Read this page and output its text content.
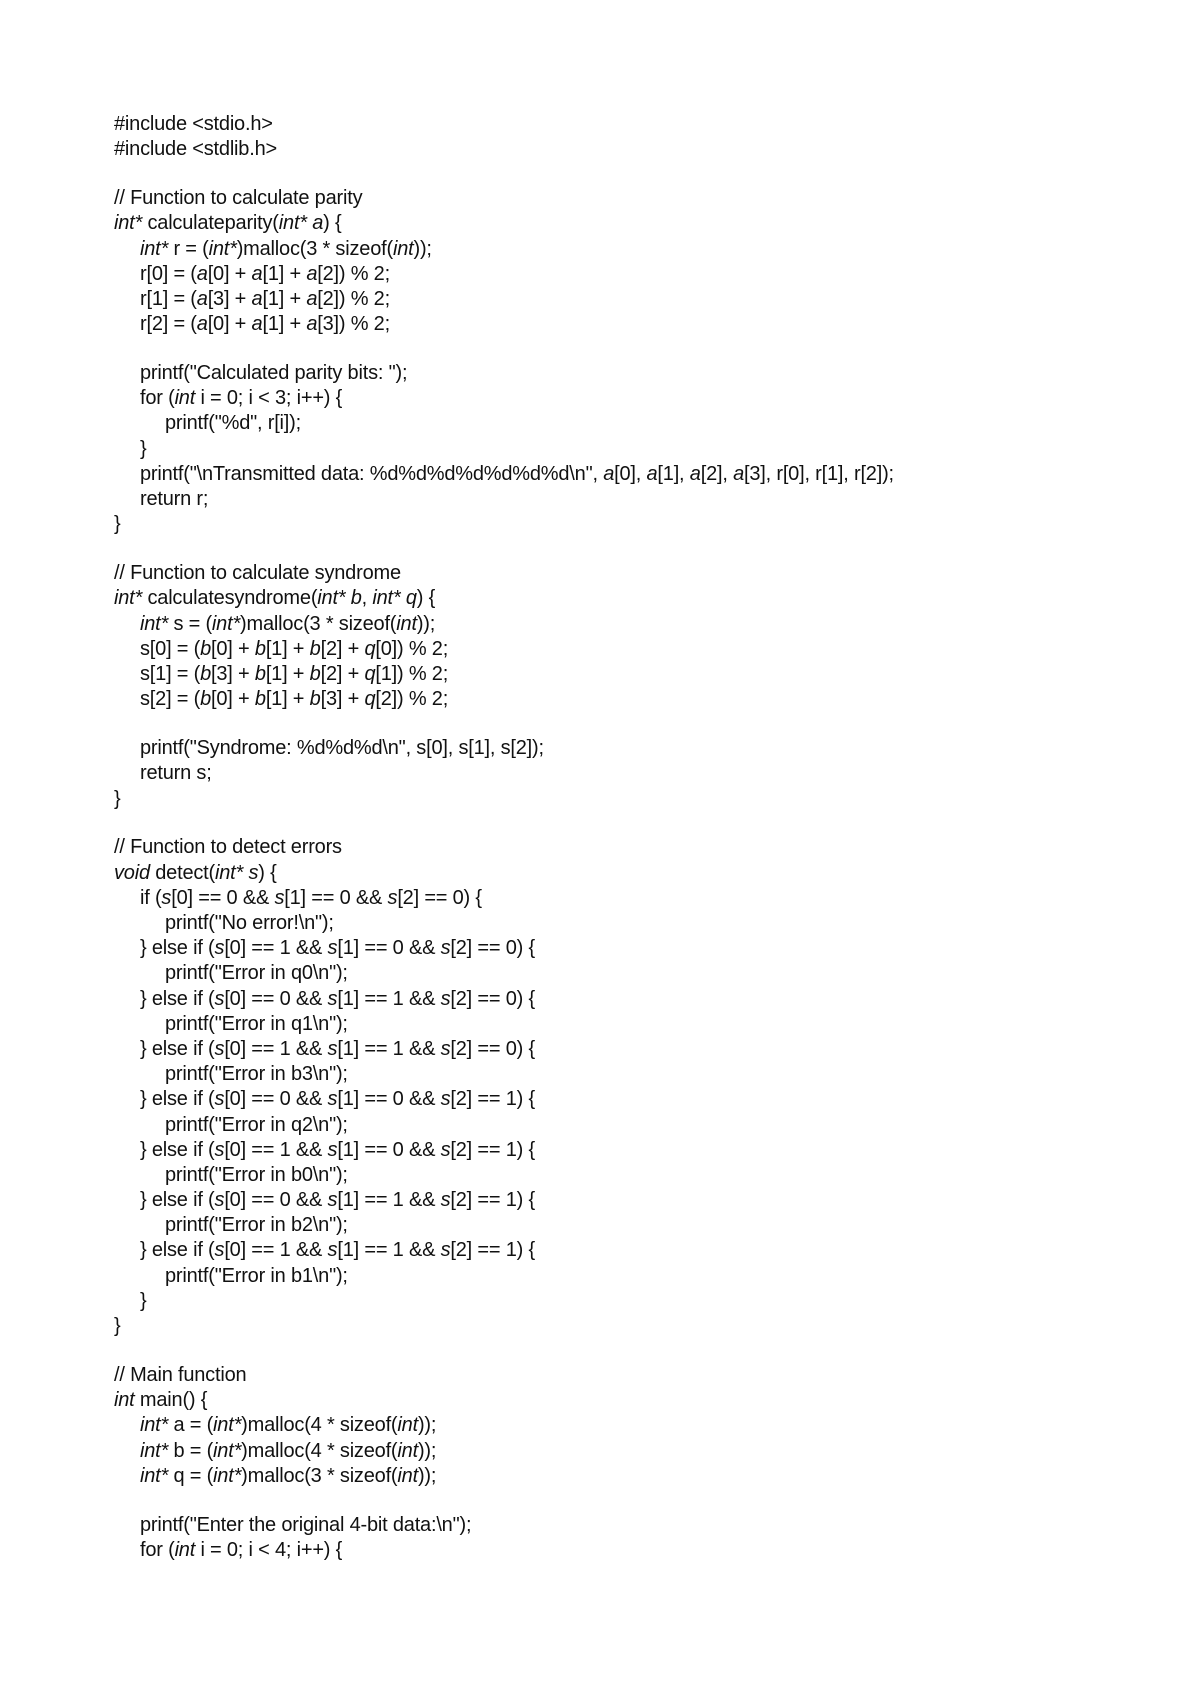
#include <stdio.h>
#include <stdlib.h>
// Function to calculate parity
int* calculateparity(int* a) {
int* r = (int*)malloc(3 * sizeof(int));
r[0] = (a[0] + a[1] + a[2]) % 2;
r[1] = (a[3] + a[1] + a[2]) % 2;
r[2] = (a[0] + a[1] + a[3]) % 2;
printf("Calculated parity bits: ");
for (int i = 0; i < 3; i++) {
printf("%d", r[i]);
}
printf("\nTransmitted data: %d%d%d%d%d%d%d\n", a[0], a[1], a[2], a[3], r[0], r[1], r[2]);
return r;
}
// Function to calculate syndrome
int* calculatesyndrome(int* b, int* q) {
int* s = (int*)malloc(3 * sizeof(int));
s[0] = (b[0] + b[1] + b[2] + q[0]) % 2;
s[1] = (b[3] + b[1] + b[2] + q[1]) % 2;
s[2] = (b[0] + b[1] + b[3] + q[2]) % 2;
printf("Syndrome: %d%d%d\n", s[0], s[1], s[2]);
return s;
}
// Function to detect errors
void detect(int* s) {
if (s[0] == 0 && s[1] == 0 && s[2] == 0) {
printf("No error!\n");
} else if (s[0] == 1 && s[1] == 0 && s[2] == 0) {
printf("Error in q0\n");
} else if (s[0] == 0 && s[1] == 1 && s[2] == 0) {
printf("Error in q1\n");
} else if (s[0] == 1 && s[1] == 1 && s[2] == 0) {
printf("Error in b3\n");
} else if (s[0] == 0 && s[1] == 0 && s[2] == 1) {
printf("Error in q2\n");
} else if (s[0] == 1 && s[1] == 0 && s[2] == 1) {
printf("Error in b0\n");
} else if (s[0] == 0 && s[1] == 1 && s[2] == 1) {
printf("Error in b2\n");
} else if (s[0] == 1 && s[1] == 1 && s[2] == 1) {
printf("Error in b1\n");
}
}
// Main function
int main() {
int* a = (int*)malloc(4 * sizeof(int));
int* b = (int*)malloc(4 * sizeof(int));
int* q = (int*)malloc(3 * sizeof(int));
printf("Enter the original 4-bit data:\n");
for (int i = 0; i < 4; i++) {
